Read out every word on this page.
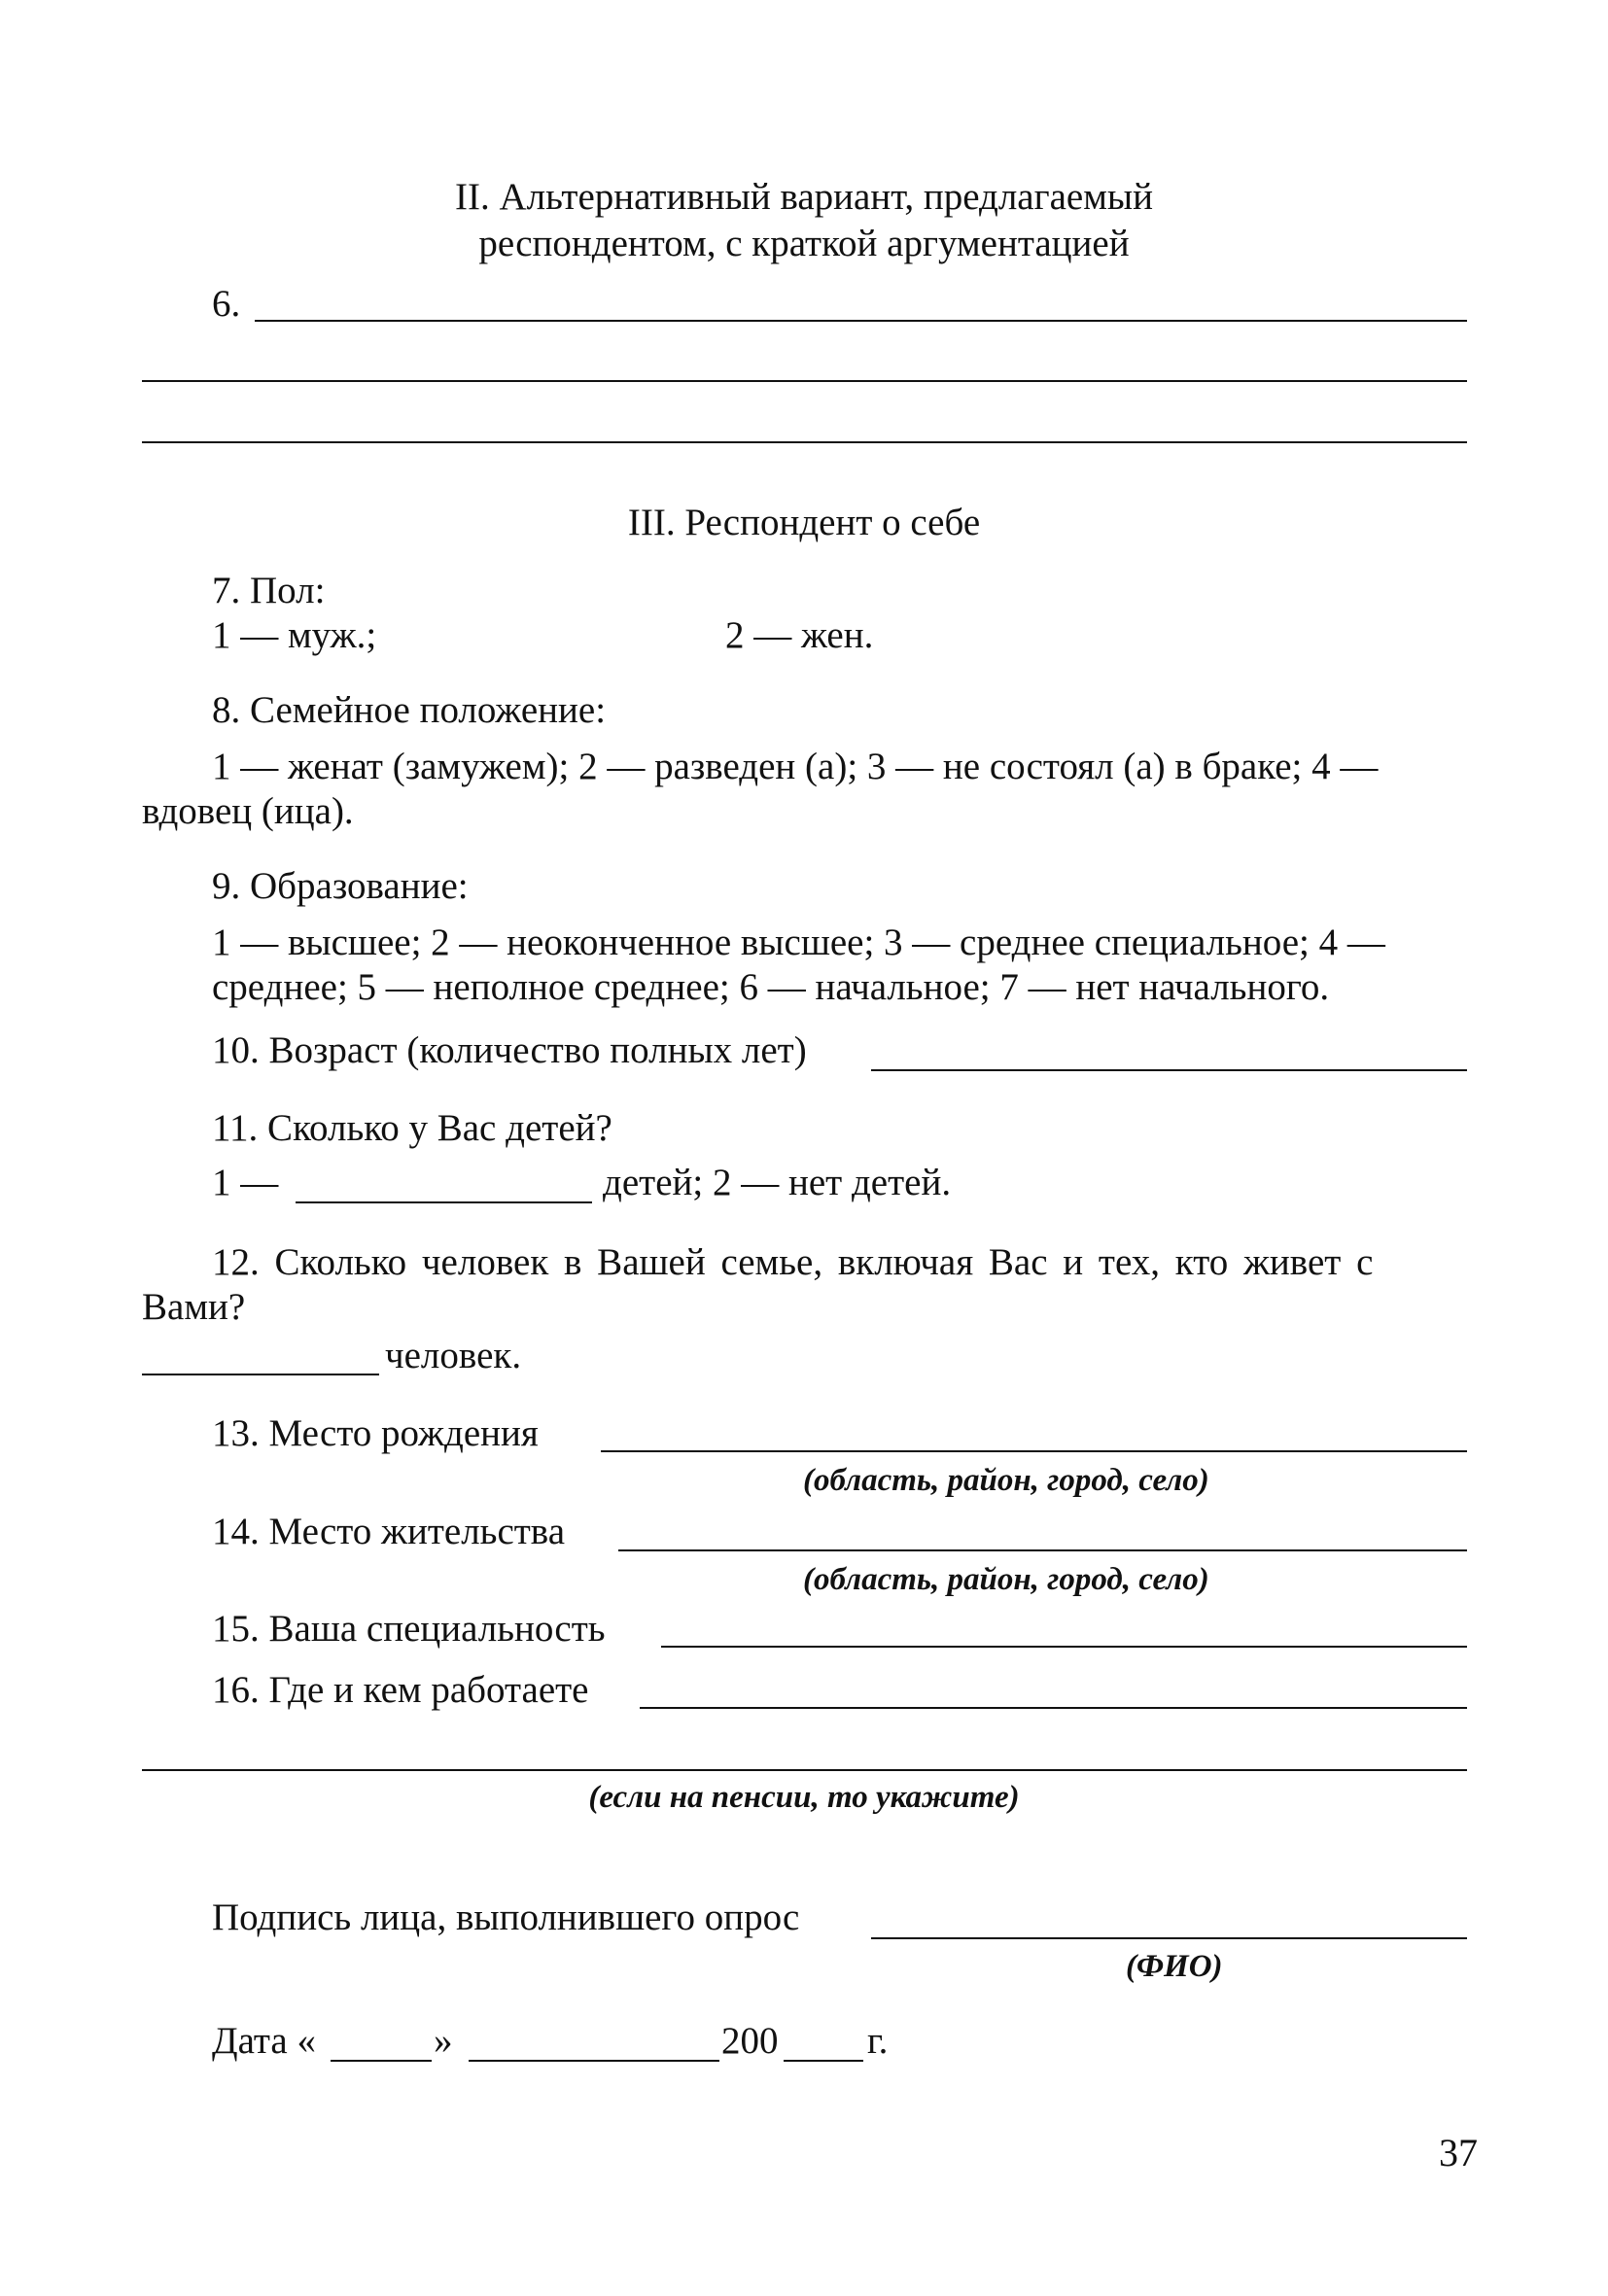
II. Альтернативный вариант, предлагаемый
респондентом, с краткой аргументацией
6.
III. Респондент о себе
7. Пол:
1 — муж.;	2 — жен.
8. Семейное положение:
1 — женат (замужем); 2 — разведен (а); 3 — не состоял (а) в браке; 4 —
вдовец (ица).
9. Образование:
1 — высшее; 2 — неоконченное высшее; 3 — среднее специальное; 4 —
среднее; 5 — неполное среднее; 6 — начальное; 7 — нет начального.
10. Возраст (количество полных лет)
11. Сколько у Вас детей?
1 —	детей; 2 — нет детей.
12. Сколько человек в Вашей семье, включая Вас и тех, кто живет с
Вами?
человек.
13. Место рождения
(область, район, город, село)
14. Место жительства
(область, район, город, село)
15. Ваша специальность
16. Где и кем работаете
(если на пенсии, то укажите)
Подпись лица, выполнившего опрос
(ФИО)
Дата «	»	200 г.
37
